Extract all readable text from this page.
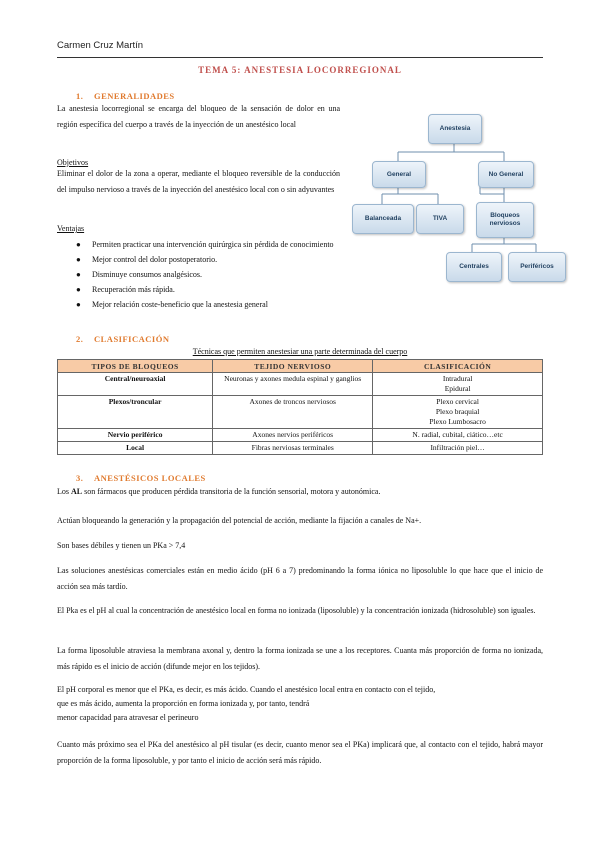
Carmen Cruz Martín
TEMA 5: ANESTESIA LOCORREGIONAL
1. GENERALIDADES
La anestesia locorregional se encarga del bloqueo de la sensación de dolor en una región específica del cuerpo a través de la inyección de un anestésico local
Objetivos
Eliminar el dolor de la zona a operar, mediante el bloqueo reversible de la conducción del impulso nervioso a través de la inyección del anestésico local con o sin adyuvantes
Ventajas
● Permiten practicar una intervención quirúrgica sin pérdida de conocimiento
● Mejor control del dolor postoperatorio.
● Disminuye consumos analgésicos.
● Recuperación más rápida.
● Mejor relación coste-beneficio que la anestesia general
Anestesia
General	No General
Balanceada	TIVA	Bloqueos nerviosos
Centrales	Periféricos
2. CLASIFICACIÓN
Técnicas que permiten anestesiar una parte determinada del cuerpo
TIPOS DE BLOQUEOS	TEJIDO NERVIOSO	CLASIFICACIÓN
Central/neuroaxial	Neuronas y axones medula espinal y ganglios	Intradural
Epidural
Plexos/troncular	Axones de troncos nerviosos	Plexo cervical
Plexo braquial
Plexo Lumbosacro
Nervio periférico	Axones nervios periféricos	N. radial, cubital, ciático…etc
Local	Fibras nerviosas terminales	Infiltración piel…
3. ANESTÉSICOS LOCALES
Los AL son fármacos que producen pérdida transitoria de la función sensorial, motora y autonómica.
Actúan bloqueando la generación y la propagación del potencial de acción, mediante la fijación a canales de Na+.
Son bases débiles y tienen un PKa > 7,4
Las soluciones anestésicas comerciales están en medio ácido (pH 6 a 7) predominando la forma iónica no liposoluble lo que hace que el inicio de acción sea más tardío.
El Pka es el pH al cual la concentración de anestésico local en forma no ionizada (liposoluble) y la concentración ionizada (hidrosoluble) son iguales.
La forma liposoluble atraviesa la membrana axonal y, dentro la forma ionizada se une a los receptores. Cuanta más proporción de forma no ionizada, más rápido es el inicio de acción (difunde mejor en los tejidos).
El pH corporal es menor que el PKa, es decir, es más ácido. Cuando el anestésico local entra en contacto con el tejido,
que es más ácido, aumenta la proporción en forma ionizada y, por tanto, tendrá
menor capacidad para atravesar el perineuro
Cuanto más próximo sea el PKa del anestésico al pH tisular (es decir, cuanto menor sea el PKa) implicará que, al contacto con el tejido, habrá mayor proporción de la forma liposoluble, y por tanto el inicio de acción será más rápido.
